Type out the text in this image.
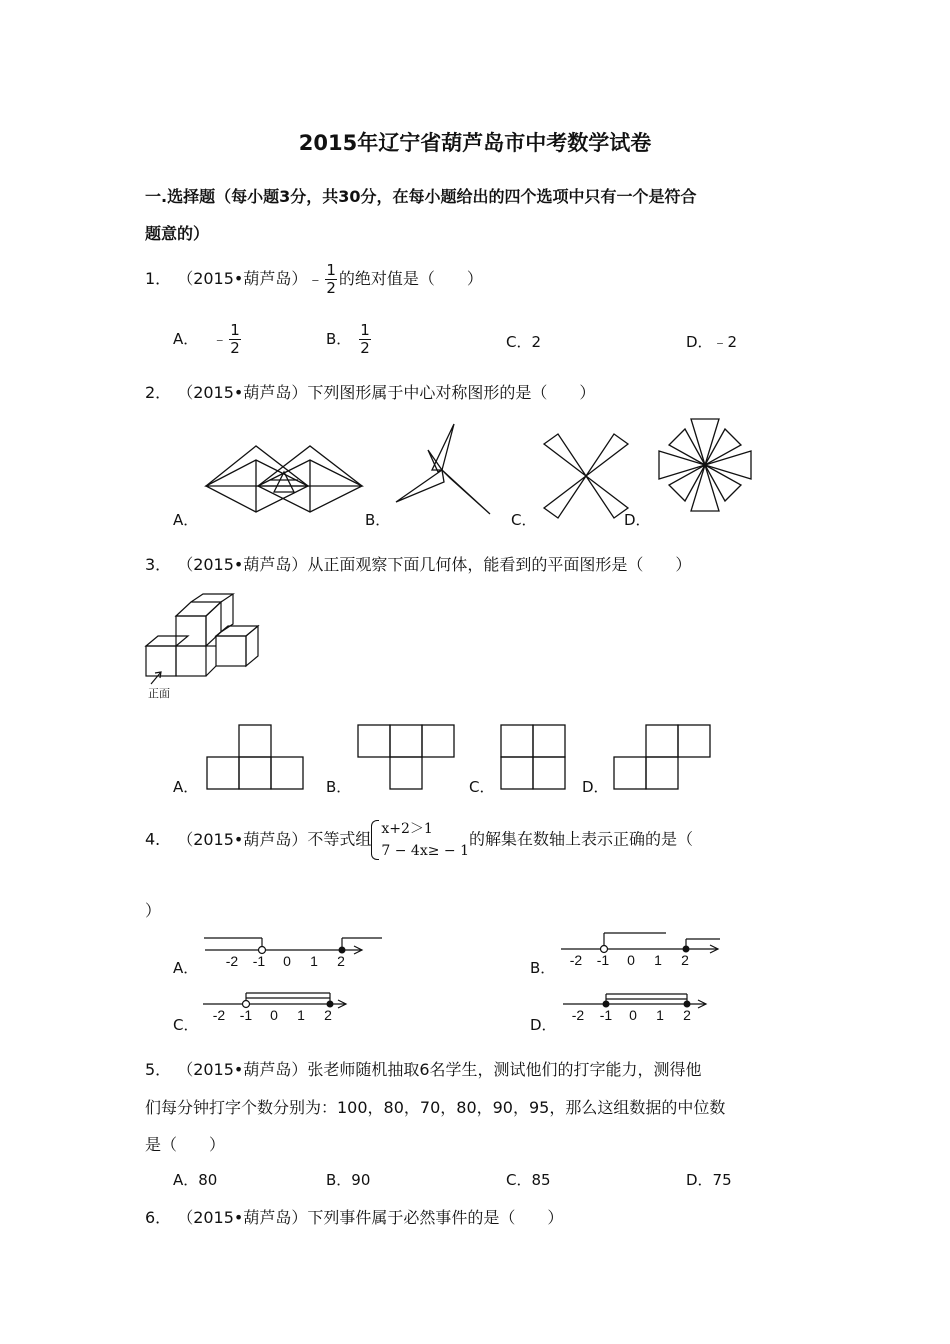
2015年辽宁省葫芦岛市中考数学试卷
一.选择题（每小题3分，共30分，在每小题给出的四个选项中只有一个是符合
题意的）
1． （2015•葫芦岛）﹣ $\frac{1}{2}$ 的绝对值是（　　）
A． ﹣ $\frac{1}{2}$	B． $\frac{1}{2}$	C．2	D．﹣2
2． （2015•葫芦岛）下列图形属于中心对称图形的是（　　）
A．	B．	C．	D．
3． （2015•葫芦岛）从正面观察下面几何体，能看到的平面图形是（　　）
正面
A．	B．	C．	D．
4． （2015•葫芦岛）不等式组
x+2＞1
7 − 4x≥ − 1
的解集在数轴上表示正确的是（
）
-2 -1 0 1 2
A．	-2 -1 0 1 2
B．
-2 -1 0 1 2
C．
-2 -1 0 1 2
D．
5． （2015•葫芦岛）张老师随机抽取6名学生，测试他们的打字能力，测得他
们每分钟打字个数分别为：100，80，70，80，90，95，那么这组数据的中位数
是（　　）
A．80	B．90	C．85	D．75
6． （2015•葫芦岛）下列事件属于必然事件的是（　　）
